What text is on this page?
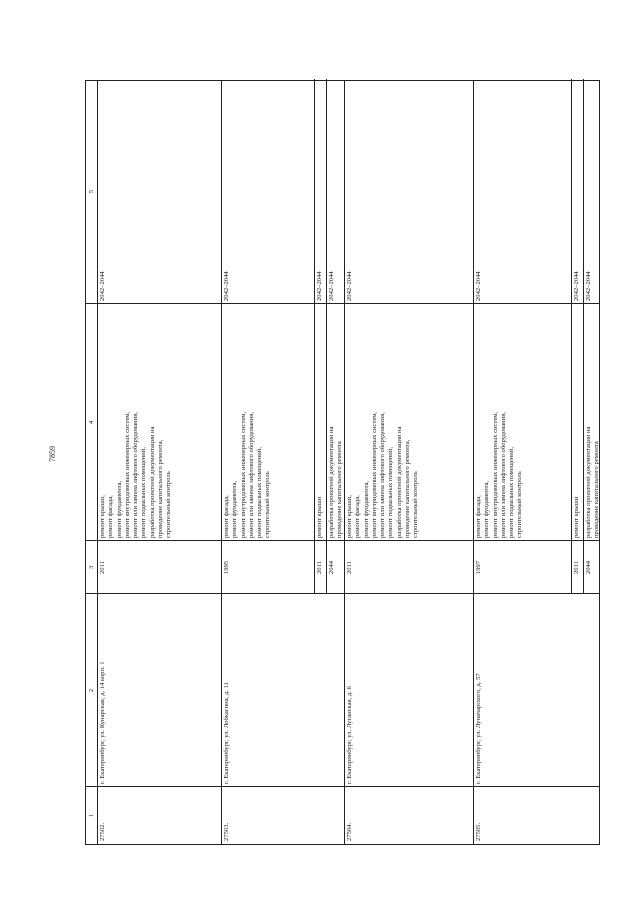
7859
1
2
3
4
5
27502.
г. Екатеринбург, ул. Кунарская, д. 14 корп. 1
2011
ремонт крыши,
ремонт фасада,
ремонт фундамента,
ремонт внутридомовых инженерных систем,
ремонт или замена лифтового оборудования,
ремонт подвальных помещений,
разработка проектной документации на
проведение капитального ремонта,
строительный контроль
2042–2044
27503.
г. Екатеринбург, ул. Лобкагина, д. 11
1995
ремонт фасада,
ремонт фундамента,
ремонт внутридомовых инженерных систем,
ремонт или замена лифтового оборудования,
ремонт подвальных помещений,
строительный контроль
2042–2044
2011
ремонт крыши
2042–2044
2044
разработка проектной документации на
проведение капитального ремонта
2042–2044
27504.
г. Екатеринбург, ул. Луганская, д. 6
2011
ремонт крыши,
ремонт фасада,
ремонт фундамента,
ремонт внутридомовых инженерных систем,
ремонт или замена лифтового оборудования,
ремонт подвальных помещений,
разработка проектной документации на
проведение капитального ремонта,
строительный контроль
2042–2044
27505.
г. Екатеринбург, ул. Луначарского, д. 57
1997
ремонт фасада,
ремонт фундамента,
ремонт внутридомовых инженерных систем,
ремонт или замена лифтового оборудования,
ремонт подвальных помещений,
строительный контроль
2042–2044
2011
ремонт крыши
2042–2044
2044
разработка проектной документации на
проведение капитального ремонта
2042–2044
